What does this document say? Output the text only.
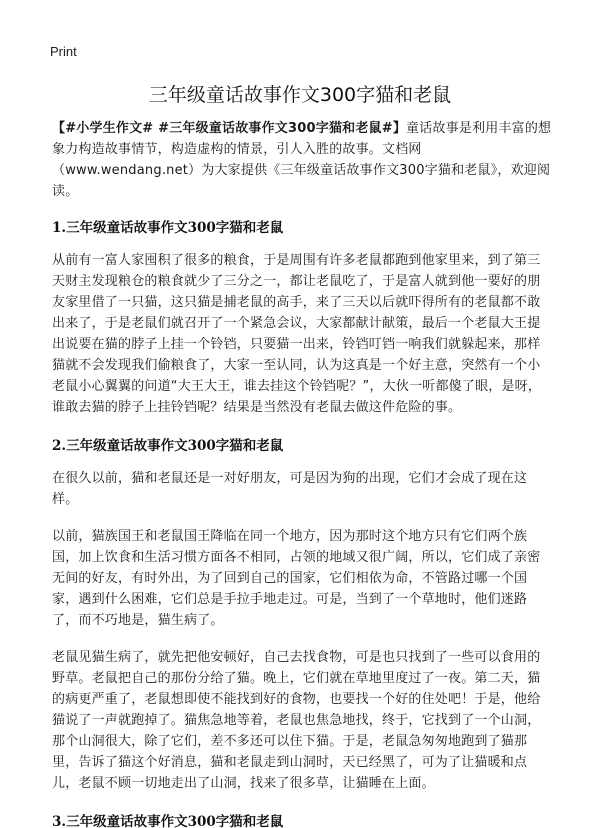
Print
三年级童话故事作文300字猫和老鼠

【#小学生作文# #三年级童话故事作文300字猫和老鼠#】童话故事是利用丰富的想象力构造故事情节，构造虚构的情景，引人入胜的故事。文档网（www.wendang.net）为大家提供《三年级童话故事作文300字猫和老鼠》，欢迎阅读。

1.三年级童话故事作文300字猫和老鼠

从前有一富人家囤积了很多的粮食，于是周围有许多老鼠都跑到他家里来，到了第三天财主发现粮仓的粮食就少了三分之一，都让老鼠吃了，于是富人就到他一要好的朋友家里借了一只猫，这只猫是捕老鼠的高手，来了三天以后就吓得所有的老鼠都不敢出来了，于是老鼠们就召开了一个紧急会议，大家都献计献策，最后一个老鼠大王提出说要在猫的脖子上挂一个铃铛，只要猫一出来，铃铛叮铛一响我们就躲起来，那样猫就不会发现我们偷粮食了，大家一至认同，认为这真是一个好主意，突然有一个小老鼠小心翼翼的问道“大王大王，谁去挂这个铃铛呢？”，大伙一听都傻了眼，是呀，谁敢去猫的脖子上挂铃铛呢？结果是当然没有老鼠去做这件危险的事。

2.三年级童话故事作文300字猫和老鼠

在很久以前，猫和老鼠还是一对好朋友，可是因为狗的出现，它们才会成了现在这样。

以前，猫族国王和老鼠国王降临在同一个地方，因为那时这个地方只有它们两个族国，加上饮食和生活习惯方面各不相同，占领的地域又很广阔，所以，它们成了亲密无间的好友，有时外出，为了回到自己的国家，它们相依为命，不管路过哪一个国家，遇到什么困难，它们总是手拉手地走过。可是，当到了一个草地时，他们迷路了，而不巧地是，猫生病了。

老鼠见猫生病了，就先把他安顿好，自己去找食物，可是也只找到了一些可以食用的野草。老鼠把自己的那份分给了猫。晚上，它们就在草地里度过了一夜。第二天，猫的病更严重了，老鼠想即使不能找到好的食物，也要找一个好的住处吧！于是，他给猫说了一声就跑掉了。猫焦急地等着，老鼠也焦急地找，终于，它找到了一个山洞，那个山洞很大，除了它们，差不多还可以住下猫。于是，老鼠急匆匆地跑到了猫那里，告诉了猫这个好消息，猫和老鼠走到山洞时，天已经黑了，可为了让猫暖和点儿，老鼠不顾一切地走出了山洞，找来了很多草，让猫睡在上面。

3.三年级童话故事作文300字猫和老鼠
